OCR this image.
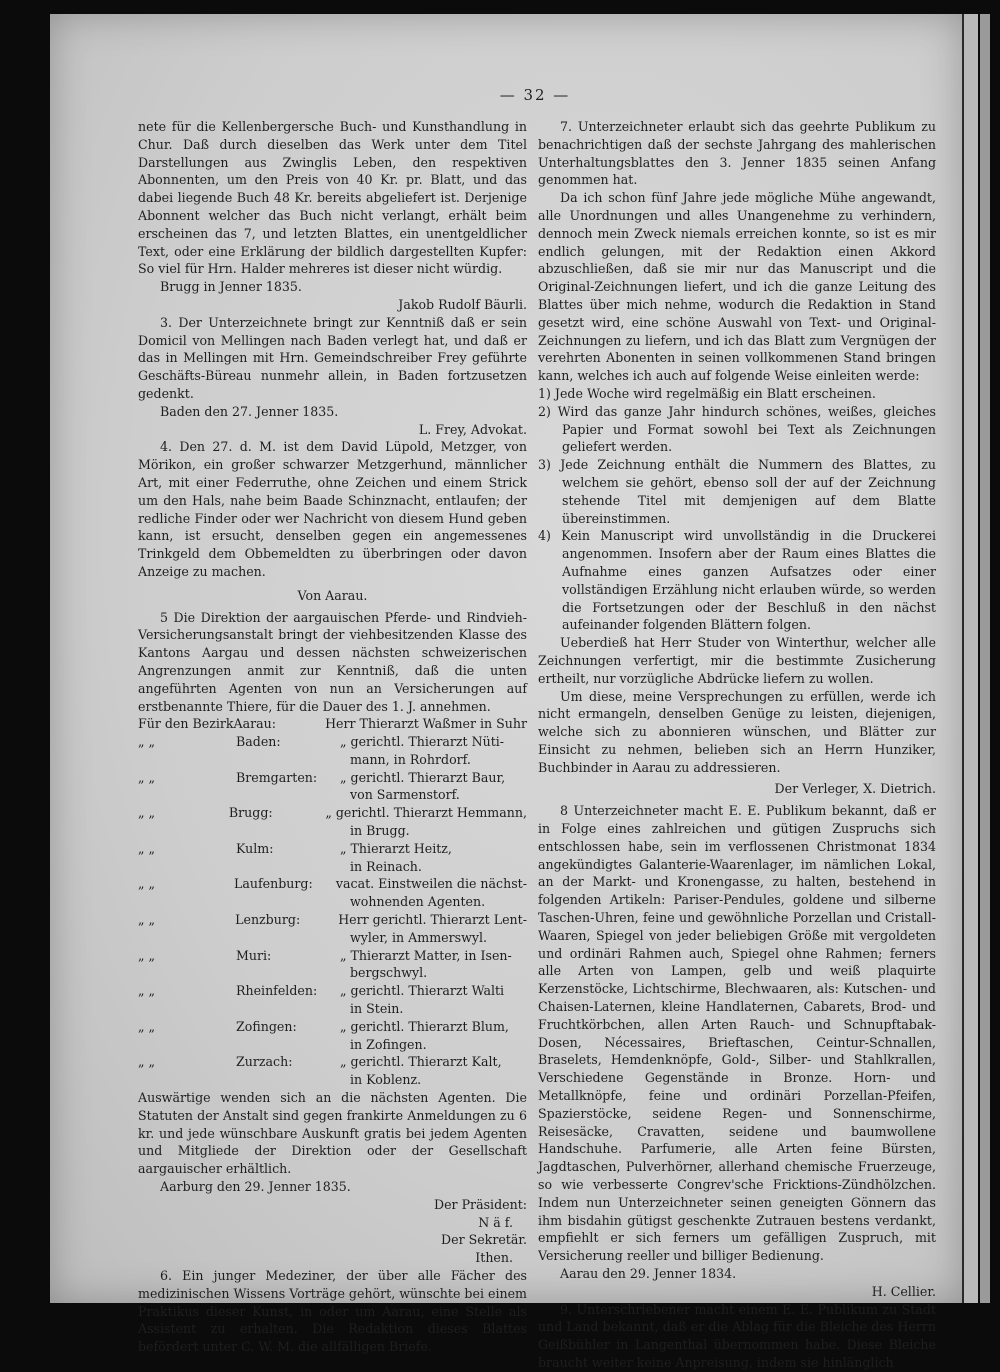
— 32 —

nete für die Kellenbergersche Buch- und Kunsthandlung in Chur. Daß durch dieselben das Werk unter dem Titel Darstellungen aus Zwinglis Leben, den respektiven Abonnenten, um den Preis von 40 Kr. pr. Blatt, und das dabei liegende Buch 48 Kr. bereits abgeliefert ist. Derjenige Abonnent welcher das Buch nicht verlangt, erhält beim erscheinen das 7, und letzten Blattes, ein unentgeldlicher Text, oder eine Erklärung der bildlich dargestellten Kupfer: So viel für Hrn. Halder mehreres ist dieser nicht würdig.

Brugg in Jenner 1835.

Jakob Rudolf Bäurli.

3. Der Unterzeichnete bringt zur Kenntniß daß er sein Domicil von Mellingen nach Baden verlegt hat, und daß er das in Mellingen mit Hrn. Gemeindschreiber Frey geführte Geschäfts-Büreau nunmehr allein, in Baden fortzusetzen gedenkt.

Baden den 27. Jenner 1835.

L. Frey, Advokat.

4. Den 27. d. M. ist dem David Lüpold, Metzger, von Mörikon, ein großer schwarzer Metzgerhund, männlicher Art, mit einer Federruthe, ohne Zeichen und einem Strick um den Hals, nahe beim Baade Schinznacht, entlaufen; der redliche Finder oder wer Nachricht von diesem Hund geben kann, ist ersucht, denselben gegen ein angemessenes Trinkgeld dem Obbemeldten zu überbringen oder davon Anzeige zu machen.

Von Aarau.

5 Die Direktion der aargauischen Pferde- und Rindvieh-Versicherungsanstalt bringt der viehbesitzenden Klasse des Kantons Aargau und dessen nächsten schweizerischen Angrenzungen anmit zur Kenntniß, daß die unten angeführten Agenten von nun an Versicherungen auf erstbenannte Thiere, für die Dauer des 1. J. annehmen.

Für den Bezirk Aarau:	Herr Thierarzt Waßmer in Suhr
„ „	Baden:	„ gerichtl. Thierarzt Nüti-
mann, in Rohrdorf.
„ „	Bremgarten:	„ gerichtl. Thierarzt Baur,
von Sarmenstorf.
„ „	Brugg:	„ gerichtl. Thierarzt Hemmann,
in Brugg.
„ „	Kulm:	„ Thierarzt Heitz,
in Reinach.
„ „	Laufenburg:	vacat. Einstweilen die nächst-
wohnenden Agenten.
„ „	Lenzburg:	Herr gerichtl. Thierarzt Lent-
wyler, in Ammerswyl.
„ „	Muri:	„ Thierarzt Matter, in Isen-
bergschwyl.
„ „	Rheinfelden:	„ gerichtl. Thierarzt Walti
in Stein.
„ „	Zofingen:	„ gerichtl. Thierarzt Blum,
in Zofingen.
„ „	Zurzach:	„ gerichtl. Thierarzt Kalt,
in Koblenz.

Auswärtige wenden sich an die nächsten Agenten. Die Statuten der Anstalt sind gegen frankirte Anmeldungen zu 6 kr. und jede wünschbare Auskunft gratis bei jedem Agenten und Mitgliede der Direktion oder der Gesellschaft aargauischer erhältlich.

Aarburg den 29. Jenner 1835.

Der Präsident:

N ä f.

Der Sekretär.

Ithen.

6. Ein junger Medeziner, der über alle Fächer des medizinischen Wissens Vorträge gehört, wünschte bei einem Praktikus dieser Kunst, in oder um Aarau, eine Stelle als Assistent zu erhalten. Die Redaktion dieses Blattes befördert unter C. W. M. die allfälligen Briefe.

7. Unterzeichneter erlaubt sich das geehrte Publikum zu benachrichtigen daß der sechste Jahrgang des mahlerischen Unterhaltungsblattes den 3. Jenner 1835 seinen Anfang genommen hat.

Da ich schon fünf Jahre jede mögliche Mühe angewandt, alle Unordnungen und alles Unangenehme zu verhindern, dennoch mein Zweck niemals erreichen konnte, so ist es mir endlich gelungen, mit der Redaktion einen Akkord abzuschließen, daß sie mir nur das Manuscript und die Original-Zeichnungen liefert, und ich die ganze Leitung des Blattes über mich nehme, wodurch die Redaktion in Stand gesetzt wird, eine schöne Auswahl von Text- und Original-Zeichnungen zu liefern, und ich das Blatt zum Vergnügen der verehrten Abonenten in seinen vollkommenen Stand bringen kann, welches ich auch auf folgende Weise einleiten werde:

1) Jede Woche wird regelmäßig ein Blatt erscheinen.

2) Wird das ganze Jahr hindurch schönes, weißes, gleiches Papier und Format sowohl bei Text als Zeichnungen geliefert werden.

3) Jede Zeichnung enthält die Nummern des Blattes, zu welchem sie gehört, ebenso soll der auf der Zeichnung stehende Titel mit demjenigen auf dem Blatte übereinstimmen.

4) Kein Manuscript wird unvollständig in die Druckerei angenommen. Insofern aber der Raum eines Blattes die Aufnahme eines ganzen Aufsatzes oder einer vollständigen Erzählung nicht erlauben würde, so werden die Fortsetzungen oder der Beschluß in den nächst aufeinander folgenden Blättern folgen.

Ueberdieß hat Herr Studer von Winterthur, welcher alle Zeichnungen verfertigt, mir die bestimmte Zusicherung ertheilt, nur vorzügliche Abdrücke liefern zu wollen.

Um diese, meine Versprechungen zu erfüllen, werde ich nicht ermangeln, denselben Genüge zu leisten, diejenigen, welche sich zu abonnieren wünschen, und Blätter zur Einsicht zu nehmen, belieben sich an Herrn Hunziker, Buchbinder in Aarau zu addressieren.

Der Verleger, X. Dietrich.

8 Unterzeichneter macht E. E. Publikum bekannt, daß er in Folge eines zahlreichen und gütigen Zuspruchs sich entschlossen habe, sein im verflossenen Christmonat 1834 angekündigtes Galanterie-Waarenlager, im nämlichen Lokal, an der Markt- und Kronengasse, zu halten, bestehend in folgenden Artikeln: Pariser-Pendules, goldene und silberne Taschen-Uhren, feine und gewöhnliche Porzellan und Cristall-Waaren, Spiegel von jeder beliebigen Größe mit vergoldeten und ordinäri Rahmen auch, Spiegel ohne Rahmen; ferners alle Arten von Lampen, gelb und weiß plaquirte Kerzenstöcke, Lichtschirme, Blechwaaren, als: Kutschen- und Chaisen-Laternen, kleine Handlaternen, Cabarets, Brod- und Fruchtkörbchen, allen Arten Rauch- und Schnupftabak-Dosen, Nécessaires, Brieftaschen, Ceintur-Schnallen, Braselets, Hemdenknöpfe, Gold-, Silber- und Stahlkrallen, Verschiedene Gegenstände in Bronze. Horn- und Metallknöpfe, feine und ordinäri Porzellan-Pfeifen, Spazierstöcke, seidene Regen- und Sonnenschirme, Reisesäcke, Cravatten, seidene und baumwollene Handschuhe. Parfumerie, alle Arten feine Bürsten, Jagdtaschen, Pulverhörner, allerhand chemische Fruerzeuge, so wie verbesserte Congrev'sche Fricktions-Zündhölzchen. Indem nun Unterzeichneter seinen geneigten Gönnern das ihm bisdahin gütigst geschenkte Zutrauen bestens verdankt, empfiehlt er sich ferners um gefälligen Zuspruch, mit Versicherung reeller und billiger Bedienung.

Aarau den 29. Jenner 1834.

H. Cellier.

9. Unterschriebener macht einem E. E. Publikum zu Stadt und Land bekannt, daß er die Ablag für die Bleiche des Herrn Geißbühler in Langenthal übernommen habe. Diese Bleiche braucht weiter keine Anpreisung, indem sie hinlänglich
